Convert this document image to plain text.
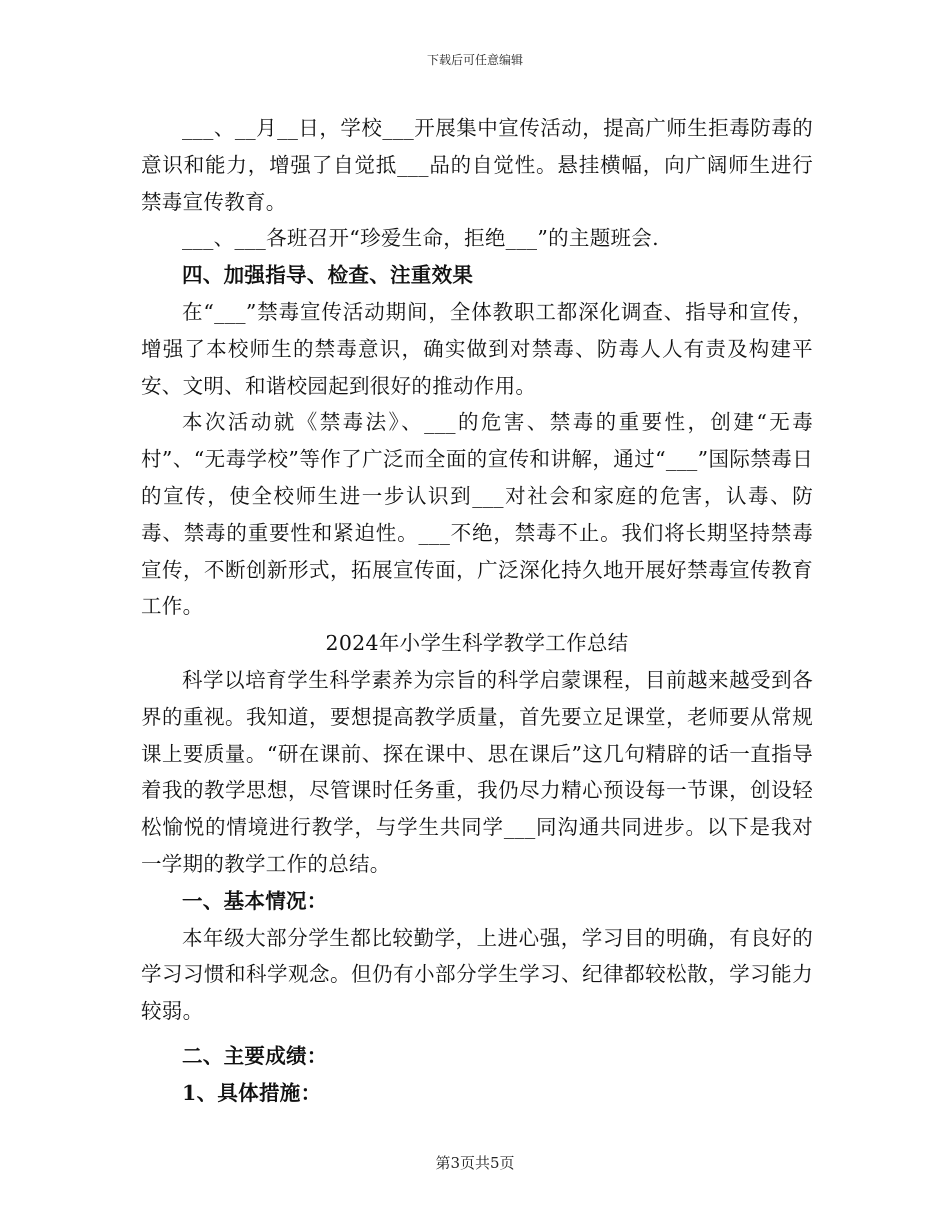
下载后可任意编辑

___、__月__日，学校___开展集中宣传活动，提高广师生拒毒防毒的意识和能力，增强了自觉抵___品的自觉性。悬挂横幅，向广阔师生进行禁毒宣传教育。

___、___各班召开“珍爱生命，拒绝___”的主题班会.

四、加强指导、检查、注重效果

在“___”禁毒宣传活动期间，全体教职工都深化调查、指导和宣传，增强了本校师生的禁毒意识，确实做到对禁毒、防毒人人有责及构建平安、文明、和谐校园起到很好的推动作用。

本次活动就《禁毒法》、___的危害、禁毒的重要性，创建“无毒村”、“无毒学校”等作了广泛而全面的宣传和讲解，通过“___”国际禁毒日的宣传，使全校师生进一步认识到___对社会和家庭的危害，认毒、防毒、禁毒的重要性和紧迫性。___不绝，禁毒不止。我们将长期坚持禁毒宣传，不断创新形式，拓展宣传面，广泛深化持久地开展好禁毒宣传教育工作。

2024年小学生科学教学工作总结

科学以培育学生科学素养为宗旨的科学启蒙课程，目前越来越受到各界的重视。我知道，要想提高教学质量，首先要立足课堂，老师要从常规课上要质量。“研在课前、探在课中、思在课后”这几句精辟的话一直指导着我的教学思想，尽管课时任务重，我仍尽力精心预设每一节课，创设轻松愉悦的情境进行教学，与学生共同学___同沟通共同进步。以下是我对一学期的教学工作的总结。

一、基本情况：

本年级大部分学生都比较勤学，上进心强，学习目的明确，有良好的学习习惯和科学观念。但仍有小部分学生学习、纪律都较松散，学习能力较弱。

二、主要成绩：

1、具体措施：

第3页共5页
